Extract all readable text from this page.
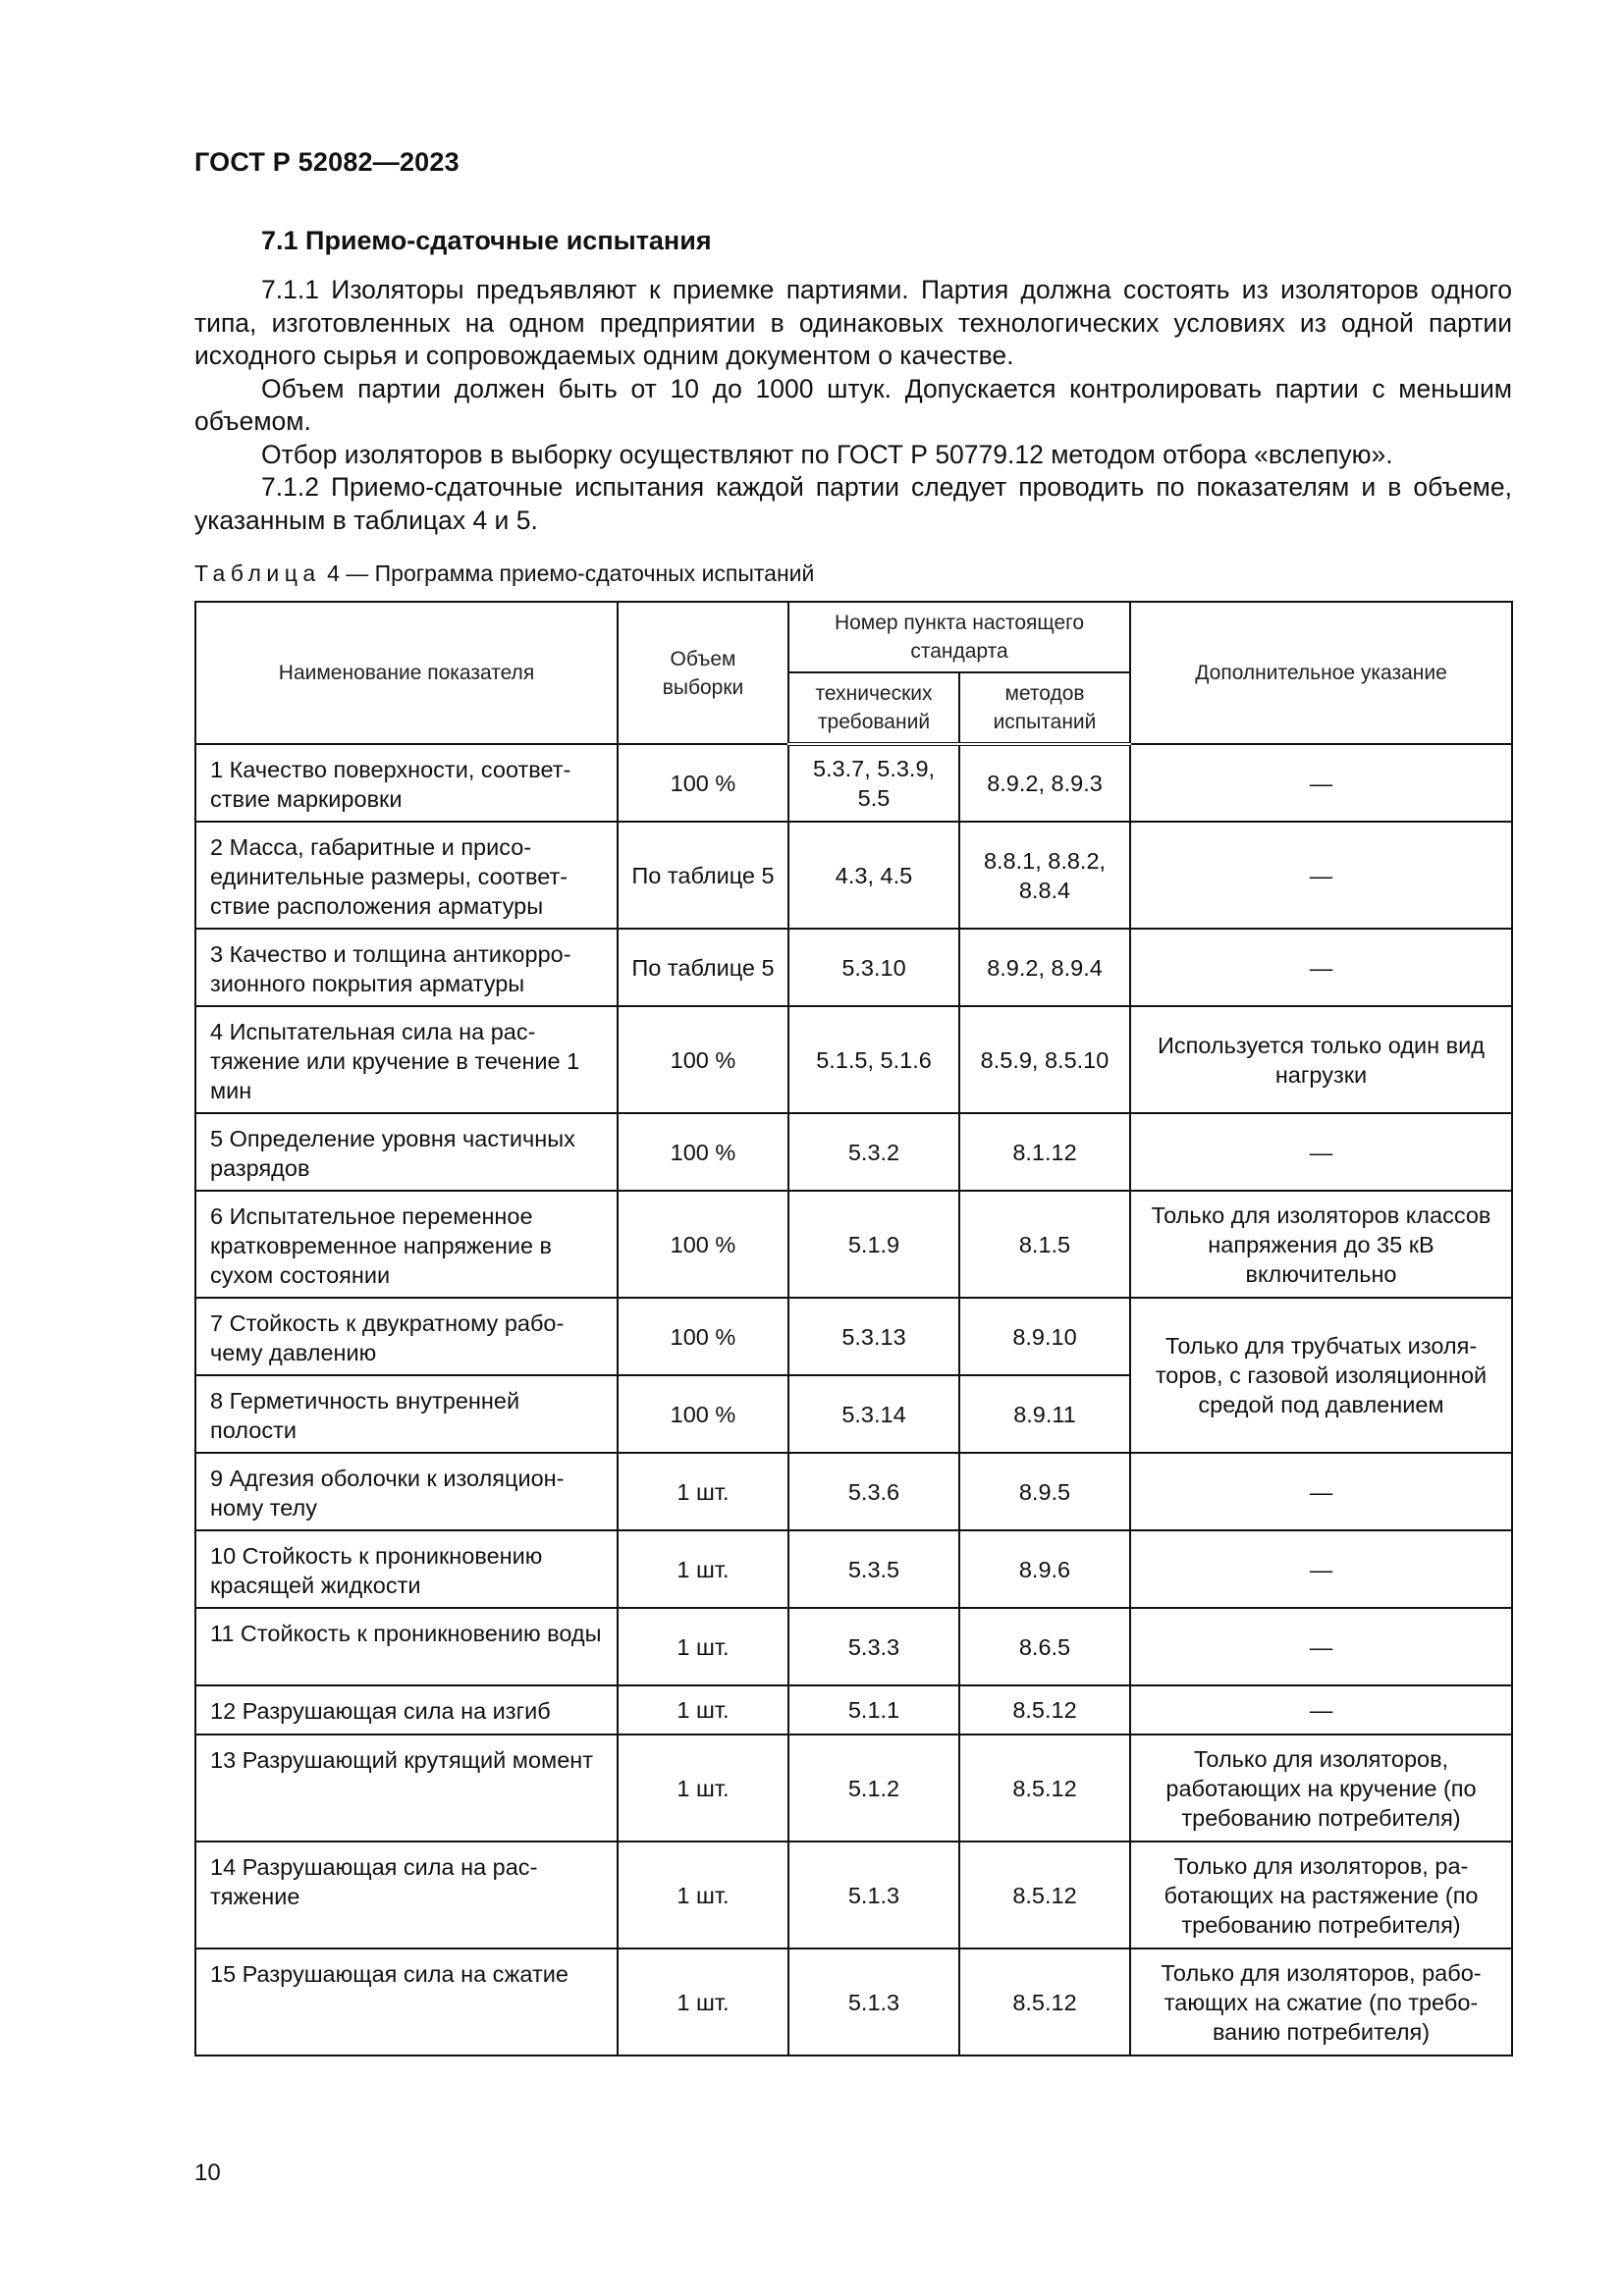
ГОСТ Р 52082—2023
7.1 Приемо-сдаточные испытания

7.1.1 Изоляторы предъявляют к приемке партиями. Партия должна состоять из изоляторов одного типа, изготовленных на одном предприятии в одинаковых технологических условиях из одной партии исходного сырья и сопровождаемых одним документом о качестве.

Объем партии должен быть от 10 до 1000 штук. Допускается контролировать партии с меньшим объемом.

Отбор изоляторов в выборку осуществляют по ГОСТ Р 50779.12 методом отбора «вслепую».

7.1.2 Приемо-сдаточные испытания каждой партии следует проводить по показателям и в объеме, указанным в таблицах 4 и 5.

Таблица 4 — Программа приемо-сдаточных испытаний
Наименование показателя	Объем выборки	Номер пункта настоящего стандарта		Дополнительное указание
		технических требований	методов испытаний	
1 Качество поверхности, соответствие маркировки	100 %	5.3.7, 5.3.9, 5.5	8.9.2, 8.9.3	—
2 Масса, габаритные и присоединительные размеры, соответствие расположения арматуры	По таблице 5	4.3, 4.5	8.8.1, 8.8.2, 8.8.4	—
3 Качество и толщина антикоррозионного покрытия арматуры	По таблице 5	5.3.10	8.9.2, 8.9.4	—
4 Испытательная сила на растяжение или кручение в течение 1 мин	100 %	5.1.5, 5.1.6	8.5.9, 8.5.10	Используется только один вид нагрузки
5 Определение уровня частичных разрядов	100 %	5.3.2	8.1.12	—
6 Испытательное переменное кратковременное напряжение в сухом состоянии	100 %	5.1.9	8.1.5	Только для изоляторов классов напряжения до 35 кВ включительно
7 Стойкость к двукратному рабочему давлению	100 %	5.3.13	8.9.10	Только для трубчатых изоляторов, с газовой изоляционной средой под давлением
8 Герметичность внутренней полости	100 %	5.3.14	8.9.11	
9 Адгезия оболочки к изоляционному телу	1 шт.	5.3.6	8.9.5	—
10 Стойкость к проникновению красящей жидкости	1 шт.	5.3.5	8.9.6	—
11 Стойкость к проникновению воды	1 шт.	5.3.3	8.6.5	—
12 Разрушающая сила на изгиб	1 шт.	5.1.1	8.5.12	—
13 Разрушающий крутящий момент	1 шт.	5.1.2	8.5.12	Только для изоляторов, работающих на кручение (по требованию потребителя)
14 Разрушающая сила на растяжение	1 шт.	5.1.3	8.5.12	Только для изоляторов, работающих на растяжение (по требованию потребителя)
15 Разрушающая сила на сжатие	1 шт.	5.1.3	8.5.12	Только для изоляторов, работающих на сжатие (по требованию потребителя)
10
